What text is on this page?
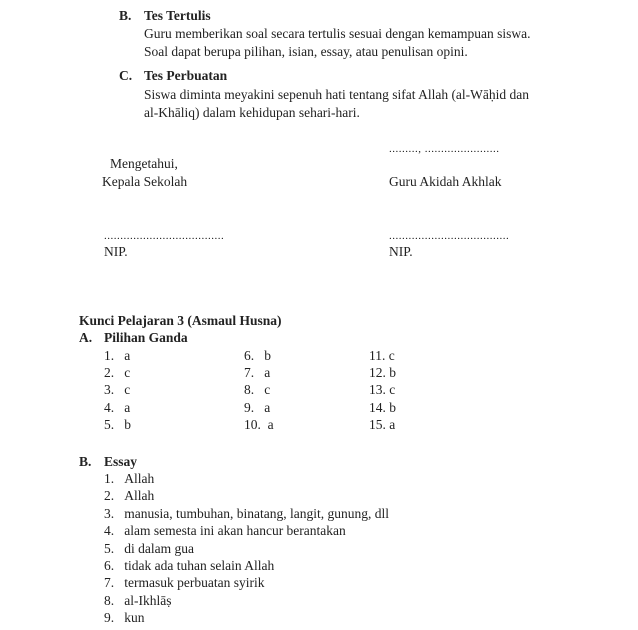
B. Tes Tertulis
Guru memberikan soal secara tertulis sesuai dengan kemampuan siswa.
Soal dapat berupa pilihan, isian, essay, atau penulisan opini.
C. Tes Perbuatan
Siswa diminta meyakini sepenuh hati tentang sifat Allah (al-Wāḥid dan
al-Khāliq) dalam kehidupan sehari-hari.
........., .......................
Mengetahui,
Kepala Sekolah	Guru Akidah Akhlak
.....................................	.....................................
NIP.	NIP.
Kunci Pelajaran 3 (Asmaul Husna)
A. Pilihan Ganda
1. a
2. c
3. c
4. a
5. b
6. b
7. a
8. c
9. a
10. a
11. c
12. b
13. c
14. b
15. a
B. Essay
1. Allah
2. Allah
3. manusia, tumbuhan, binatang, langit, gunung, dll
4. alam semesta ini akan hancur berantakan
5. di dalam gua
6. tidak ada tuhan selain Allah
7. termasuk perbuatan syirik
8. al-Ikhlāṣ
9. kun
